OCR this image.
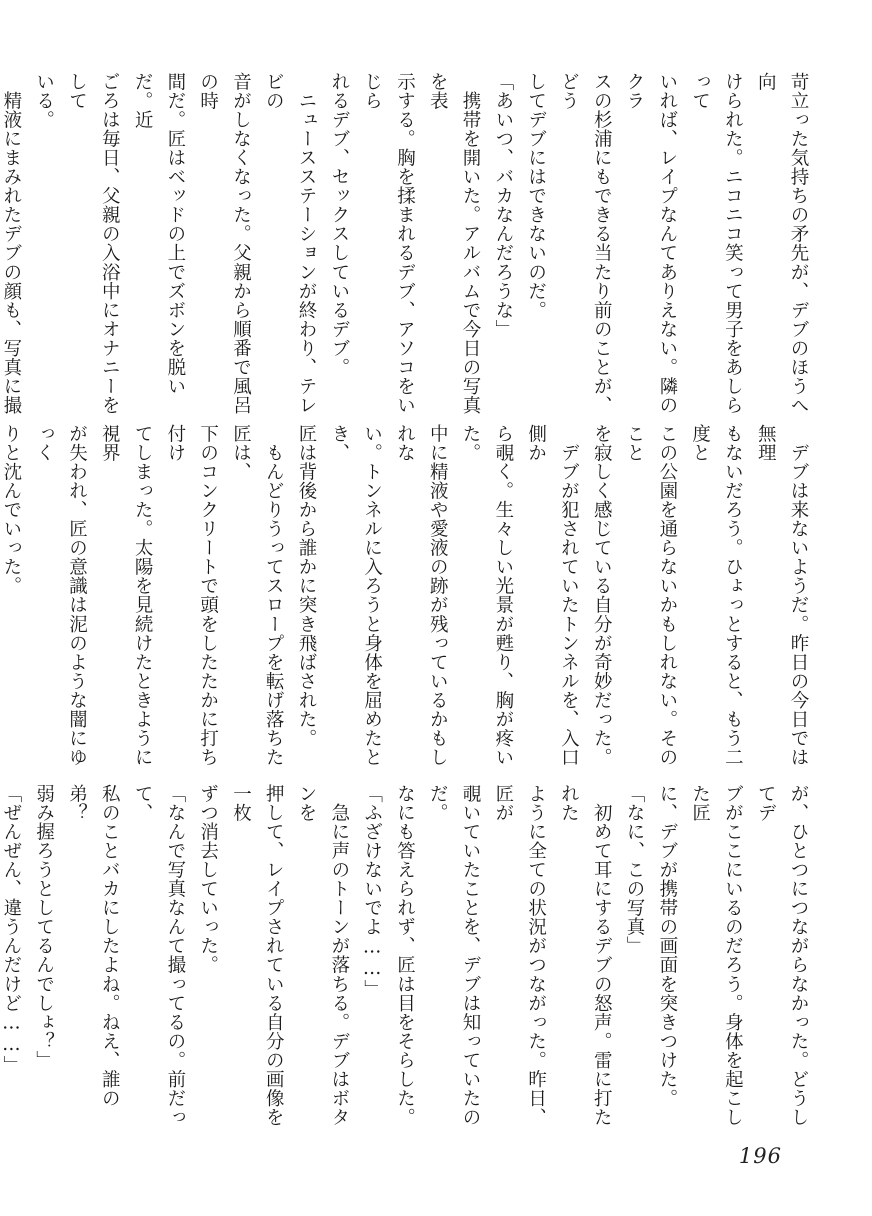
苛立った気持ちの矛先が、デブのほうへ向
けられた。ニコニコ笑って男子をあしらって
いれば、レイプなんてありえない。隣のクラ
スの杉浦にもできる当たり前のことが、どう
してデブにはできないのだ。
「あいつ、バカなんだろうな」
　携帯を開いた。アルバムで今日の写真を表
示する。胸を揉まれるデブ、アソコをいじら
れるデブ、セックスしているデブ。
　ニュースステーションが終わり、テレビの
音がしなくなった。父親から順番で風呂の時
間だ。匠はベッドの上でズボンを脱いだ。近
ごろは毎日、父親の入浴中にオナニーをして
いる。
　精液にまみれたデブの顔も、写真に撮

　デブは来ないようだ。昨日の今日では無理
もないだろう。ひょっとすると、もう二度と
この公園を通らないかもしれない。そのこと
を寂しく感じている自分が奇妙だった。
　デブが犯されていたトンネルを、入口側か
ら覗く。生々しい光景が甦り、胸が疼いた。
中に精液や愛液の跡が残っているかもしれな
い。トンネルに入ろうと身体を屈めたとき、
匠は背後から誰かに突き飛ばされた。
　もんどりうってスロープを転げ落ちた匠は、
下のコンクリートで頭をしたたかに打ち付け
てしまった。太陽を見続けたときように視界
が失われ、匠の意識は泥のような闇にゆっく
りと沈んでいった。
が、ひとつにつながらなかった。どうしてデ
ブがここにいるのだろう。身体を起こした匠
に、デブが携帯の画面を突きつけた。
「なに、この写真」
　初めて耳にするデブの怒声。雷に打たれた
ように全ての状況がつながった。昨日、匠が
覗いていたことを、デブは知っていたのだ。
なにも答えられず、匠は目をそらした。
「ふざけないでよ……」
　急に声のトーンが落ちる。デブはボタンを
押して、レイプされている自分の画像を一枚
ずつ消去していった。
「なんで写真なんて撮ってるの。前だって、
私のことバカにしたよね。ねえ、誰の弟？
弱み握ろうとしてるんでしょ？」
「ぜんぜん、違うんだけど……」
196
